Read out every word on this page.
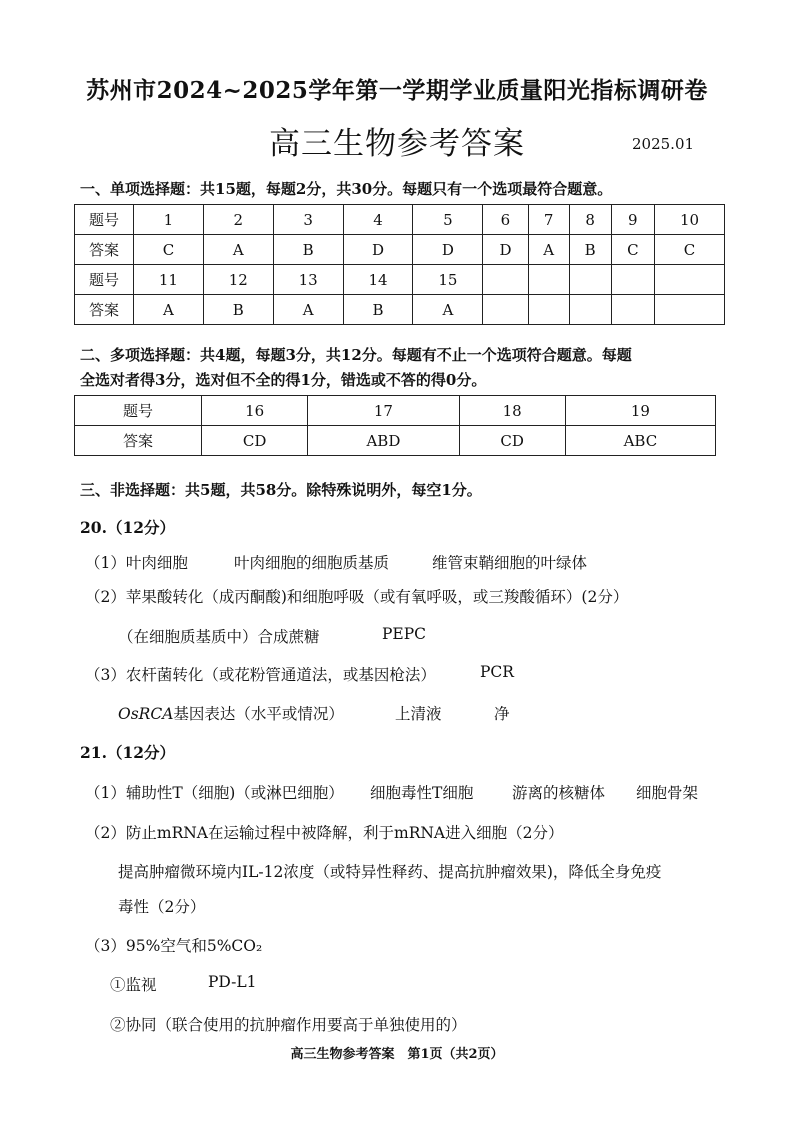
苏州市2024~2025学年第一学期学业质量阳光指标调研卷
高三生物参考答案	2025.01
一、单项选择题：共15题，每题2分，共30分。每题只有一个选项最符合题意。
题号	1	2	3	4	5	6	7	8	9	10
答案	C	A	B	D	D	D	A	B	C	C
题号	11	12	13	14	15					
答案	A	B	A	B	A					
二、多项选择题：共4题，每题3分，共12分。每题有不止一个选项符合题意。每题
全选对者得3分，选对但不全的得1分，错选或不答的得0分。
题号	16	17	18	19
答案	CD	ABD	CD	ABC
三、非选择题：共5题，共58分。除特殊说明外，每空1分。
20.（12分）
（1）叶肉细胞	叶肉细胞的细胞质基质	维管束鞘细胞的叶绿体
（2）苹果酸转化（成丙酮酸)和细胞呼吸（或有氧呼吸，或三羧酸循环）(2分）
（在细胞质基质中）合成蔗糖	PEPC
（3）农杆菌转化（或花粉管通道法，或基因枪法）	PCR
OsRCA基因表达（水平或情况）	上清液	净
21.（12分）
（1）辅助性T（细胞)（或淋巴细胞） 细胞毒性T细胞 游离的核糖体 细胞骨架
（2）防止mRNA在运输过程中被降解，利于mRNA进入细胞（2分）
提高肿瘤微环境内IL-12浓度（或特异性释药、提高抗肿瘤效果)，降低全身免疫
毒性（2分）
（3）95%空气和5%CO₂
①监视	PD-L1
②协同（联合使用的抗肿瘤作用要高于单独使用的）
高三生物参考答案　第1页（共2页）
